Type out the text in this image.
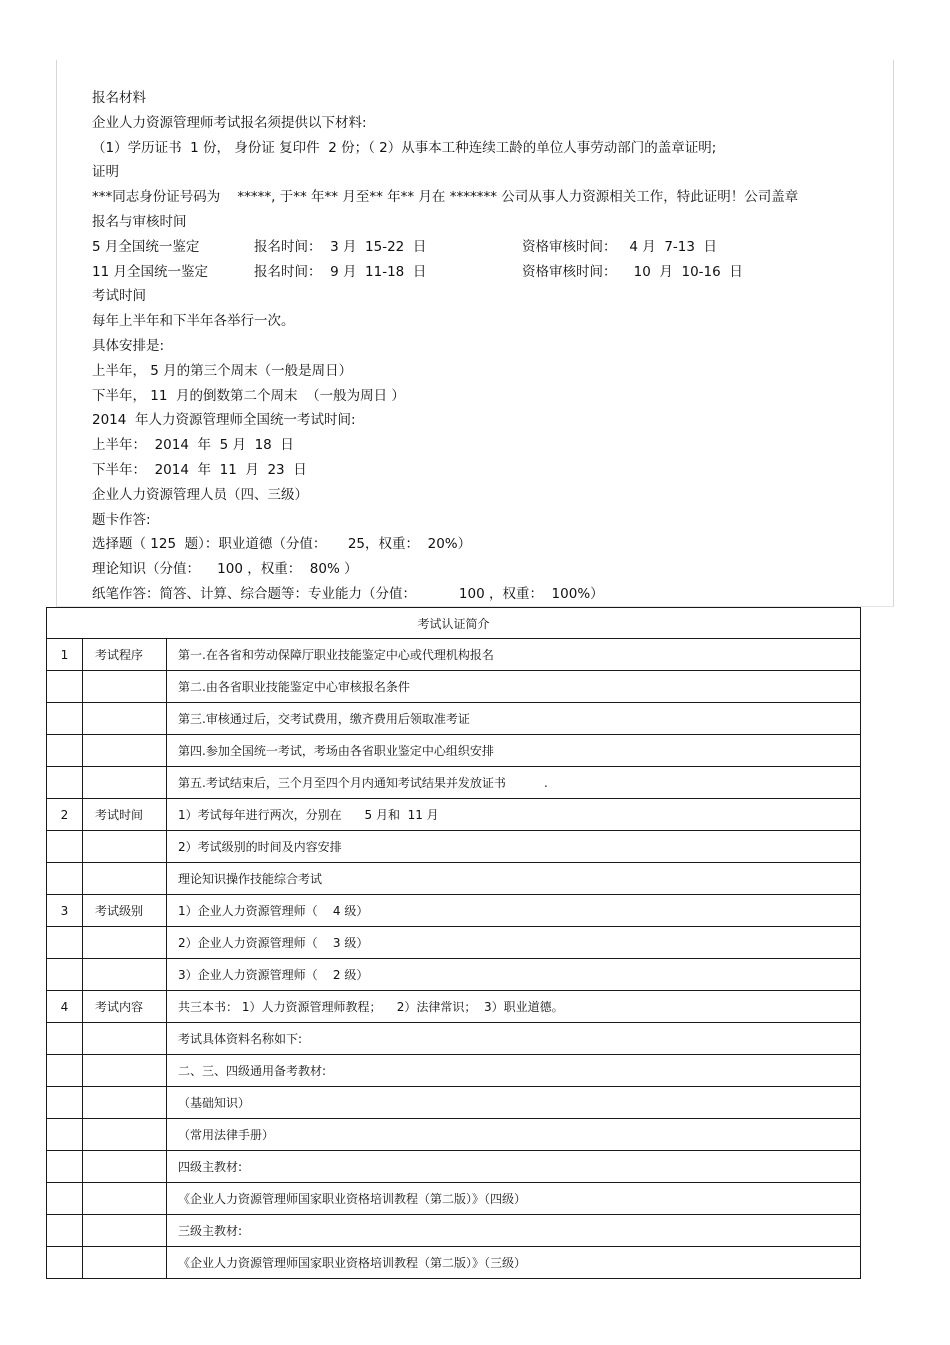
报名材料
企业人力资源管理师考试报名须提供以下材料:
（1）学历证书  1 份， 身份证 复印件  2 份；（ 2）从事本工种连续工龄的单位人事劳动部门的盖章证明;
证明
***同志身份证号码为    *****, 于** 年** 月至** 年** 月在 ******* 公司从事人力资源相关工作，特此证明！公司盖章
报名与审核时间
5 月全国统一鉴定	报名时间：  3 月  15-22  日	资格审核时间：   4 月  7-13  日
11 月全国统一鉴定	报名时间：  9 月  11-18  日	资格审核时间：    10  月  10-16  日
考试时间
每年上半年和下半年各举行一次。
具体安排是:
上半年， 5 月的第三个周末（一般是周日）
下半年， 11  月的倒数第二个周末  （一般为周日 ）
2014  年人力资源管理师全国统一考试时间:
上半年：  2014  年  5 月  18  日
下半年：  2014  年  11  月  23  日
企业人力资源管理人员（四、三级）
题卡作答:
选择题（ 125  题）：职业道德（分值：     25，权重：  20%）
理论知识（分值：    100 ，权重：  80% ）
纸笔作答：简答、计算、综合题等：专业能力（分值：          100 ，权重：  100%）
考试认证简介		
1	考试程序	第一.在各省和劳动保障厅职业技能鉴定中心或代理机构报名
		第二.由各省职业技能鉴定中心审核报名条件
		第三.审核通过后，交考试费用，缴齐费用后领取准考证
		第四.参加全国统一考试，考场由各省职业鉴定中心组织安排
		第五.考试结束后，三个月至四个月内通知考试结果并发放证书          .
2	考试时间	1）考试每年进行两次，分别在      5 月和  11 月
		2）考试级别的时间及内容安排
		理论知识操作技能综合考试
3	考试级别	1）企业人力资源管理师（    4 级）
		2）企业人力资源管理师（    3 级）
		3）企业人力资源管理师（    2 级）
4	考试内容	共三本书： 1）人力资源管理师教程；    2）法律常识；  3）职业道德。
		考试具体资料名称如下:
		二、三、四级通用备考教材:
		（基础知识）
		（常用法律手册）
		四级主教材:
		《企业人力资源管理师国家职业资格培训教程（第二版）》（四级）
		三级主教材:
		《企业人力资源管理师国家职业资格培训教程（第二版）》（三级）
